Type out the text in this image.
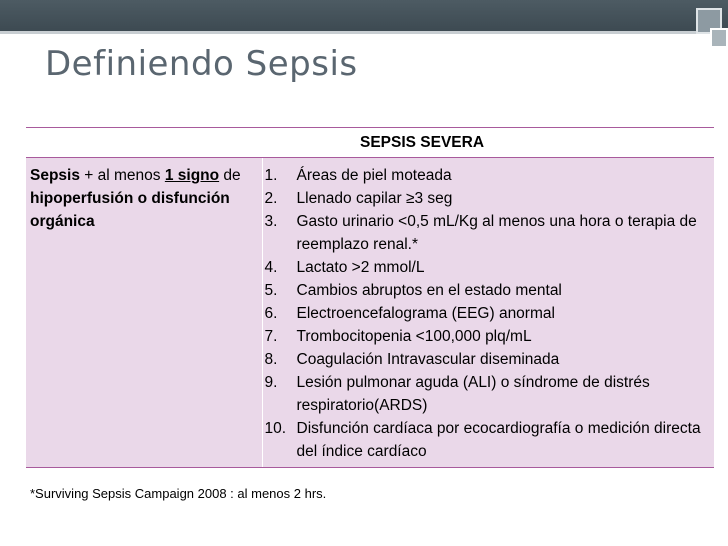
Definiendo Sepsis
SEPSIS SEVERA
Sepsis + al menos 1 signo de hipoperfusión o disfunción orgánica	
1.	Áreas de piel moteada
2.	Llenado capilar ≥3 seg
3.	Gasto urinario <0,5 mL/Kg al menos una hora o terapia de reemplazo renal.*
4.	Lactato >2 mmol/L
5.	Cambios abruptos en el estado mental
6.	Electroencefalograma (EEG) anormal
7.	Trombocitopenia <100,000 plq/mL
8.	Coagulación Intravascular diseminada
9.	Lesión pulmonar aguda (ALI) o síndrome de distrés respiratorio(ARDS)
10. Disfunción cardíaca por ecocardiografía o medición directa del índice cardíaco
*Surviving Sepsis Campaign 2008 : al menos 2 hrs.
